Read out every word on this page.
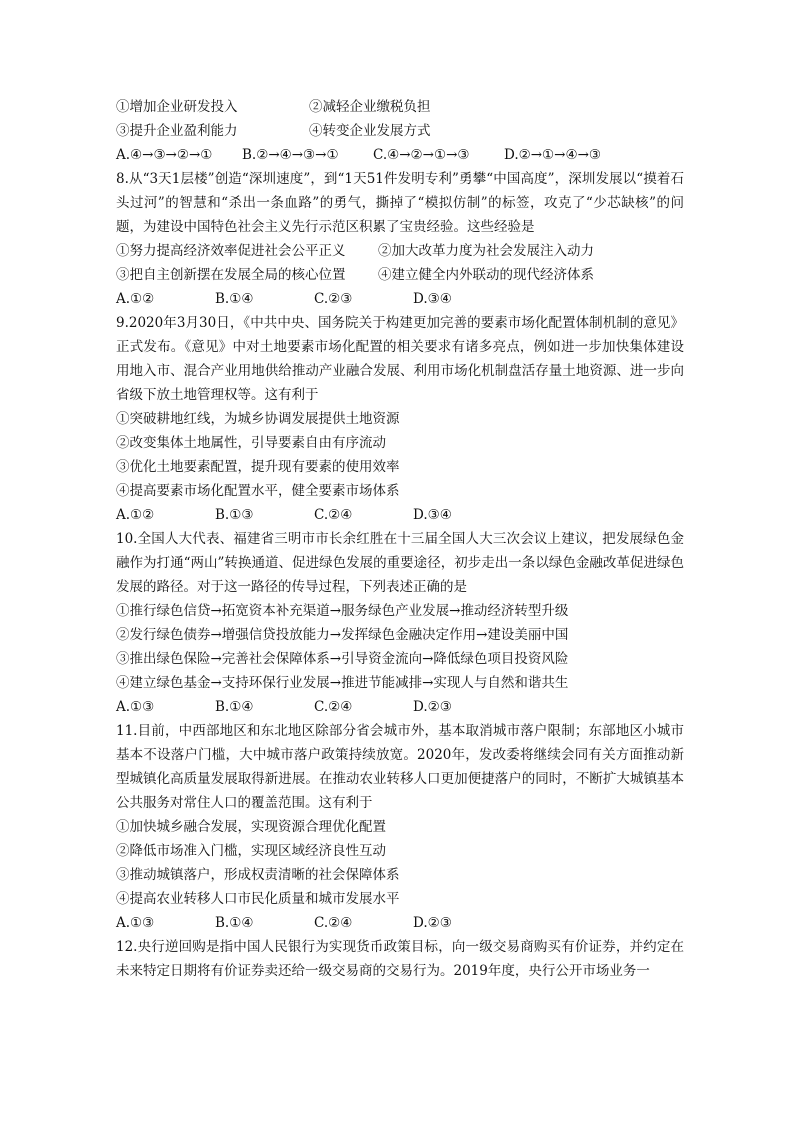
①增加企业研发投入	②减轻企业缴税负担
③提升企业盈利能力	④转变企业发展方式
A.④→③→②→①	B.②→④→③→①	C.④→②→①→③	D.②→①→④→③
8.从“3天1层楼”创造“深圳速度”，到“1天51件发明专利”勇攀“中国高度”，深圳发展以“摸着石头过河”的智慧和“杀出一条血路”的勇气，撕掉了“模拟仿制”的标签，攻克了“少芯缺核”的问题，为建设中国特色社会主义先行示范区积累了宝贵经验。这些经验是
①努力提高经济效率促进社会公平正义	②加大改革力度为社会发展注入动力
③把自主创新摆在发展全局的核心位置	④建立健全内外联动的现代经济体系
A.①②	B.①④	C.②③	D.③④
9.2020年3月30日，《中共中央、国务院关于构建更加完善的要素市场化配置体制机制的意见》正式发布。《意见》中对土地要素市场化配置的相关要求有诸多亮点，例如进一步加快集体建设用地入市、混合产业用地供给推动产业融合发展、利用市场化机制盘活存量土地资源、进一步向省级下放土地管理权等。这有利于
①突破耕地红线，为城乡协调发展提供土地资源
②改变集体土地属性，引导要素自由有序流动
③优化土地要素配置，提升现有要素的使用效率
④提高要素市场化配置水平，健全要素市场体系
A.①②	B.①③	C.②④	D.③④
10.全国人大代表、福建省三明市市长余红胜在十三届全国人大三次会议上建议，把发展绿色金融作为打通“两山”转换通道、促进绿色发展的重要途径，初步走出一条以绿色金融改革促进绿色发展的路径。对于这一路径的传导过程，下列表述正确的是
①推行绿色信贷→拓宽资本补充渠道→服务绿色产业发展→推动经济转型升级
②发行绿色债券→增强信贷投放能力→发挥绿色金融决定作用→建设美丽中国
③推出绿色保险→完善社会保障体系→引导资金流向→降低绿色项目投资风险
④建立绿色基金→支持环保行业发展→推进节能减排→实现人与自然和谐共生
A.①③	B.①④	C.②④	D.②③
11.目前，中西部地区和东北地区除部分省会城市外，基本取消城市落户限制；东部地区小城市基本不设落户门槛，大中城市落户政策持续放宽。2020年，发改委将继续会同有关方面推动新型城镇化高质量发展取得新进展。在推动农业转移人口更加便捷落户的同时，不断扩大城镇基本公共服务对常住人口的覆盖范围。这有利于
①加快城乡融合发展，实现资源合理优化配置
②降低市场准入门槛，实现区域经济良性互动
③推动城镇落户，形成权责清晰的社会保障体系
④提高农业转移人口市民化质量和城市发展水平
A.①③	B.①④	C.②④	D.②③
12.央行逆回购是指中国人民银行为实现货币政策目标，向一级交易商购买有价证券，并约定在未来特定日期将有价证券卖还给一级交易商的交易行为。2019年度，央行公开市场业务一
